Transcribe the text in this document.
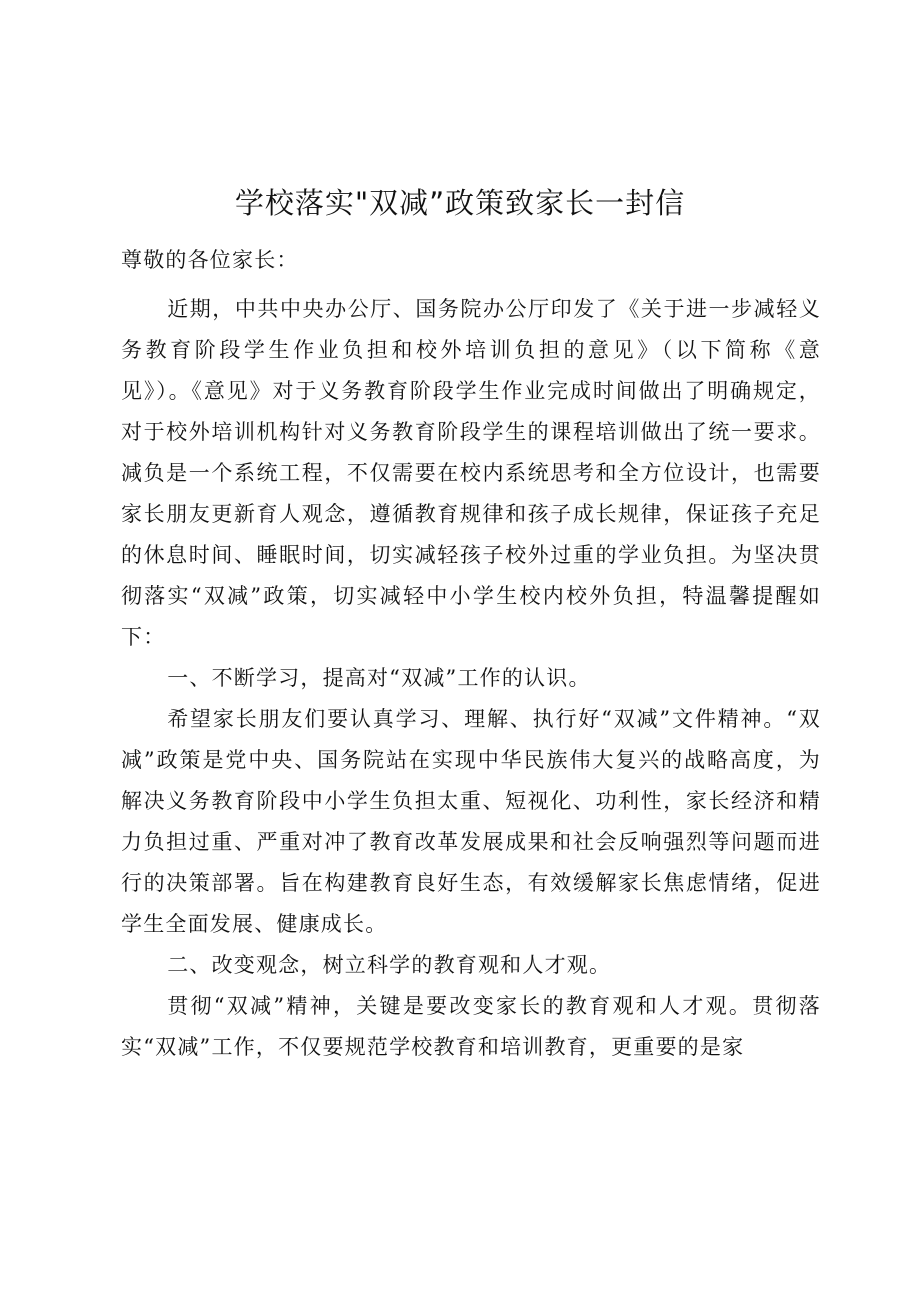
学校落实"双减”政策致家长一封信

尊敬的各位家长：

近期，中共中央办公厅、国务院办公厅印发了《关于进一步减轻义务教育阶段学生作业负担和校外培训负担的意见》（以下简称《意见》）。《意见》对于义务教育阶段学生作业完成时间做出了明确规定，对于校外培训机构针对义务教育阶段学生的课程培训做出了统一要求。减负是一个系统工程，不仅需要在校内系统思考和全方位设计，也需要家长朋友更新育人观念，遵循教育规律和孩子成长规律，保证孩子充足的休息时间、睡眠时间，切实减轻孩子校外过重的学业负担。为坚决贯彻落实“双减”政策，切实减轻中小学生校内校外负担，特温馨提醒如下：

一、不断学习，提高对“双减”工作的认识。

希望家长朋友们要认真学习、理解、执行好“双减”文件精神。“双减”政策是党中央、国务院站在实现中华民族伟大复兴的战略高度，为解决义务教育阶段中小学生负担太重、短视化、功利性，家长经济和精力负担过重、严重对冲了教育改革发展成果和社会反响强烈等问题而进行的决策部署。旨在构建教育良好生态，有效缓解家长焦虑情绪，促进学生全面发展、健康成长。

二、改变观念，树立科学的教育观和人才观。

贯彻“双减”精神，关键是要改变家长的教育观和人才观。贯彻落实“双减”工作，不仅要规范学校教育和培训教育，更重要的是家
